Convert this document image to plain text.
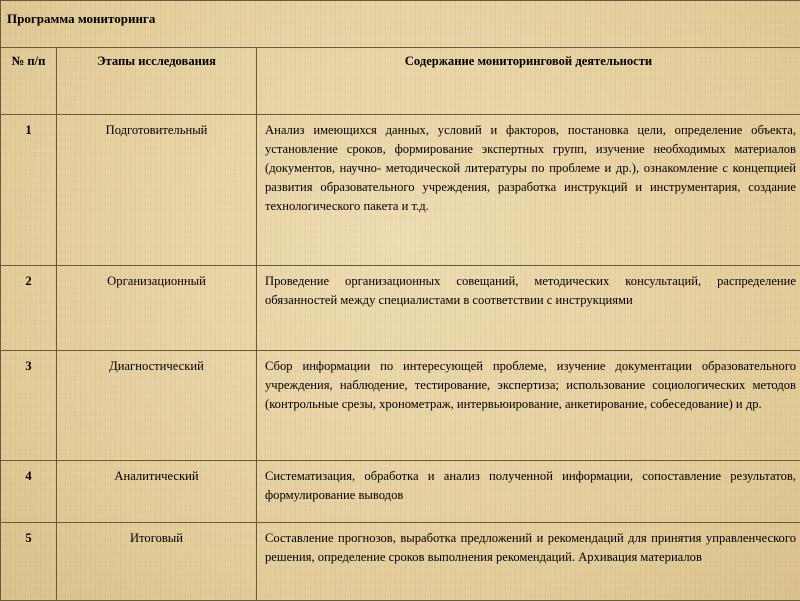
Программа мониторинга		
№ п/п	Этапы исследования	Содержание мониторинговой деятельности
1	Подготовительный	Анализ имеющихся данных, условий и факторов, постановка цели, определение объекта, установление сроков, формирование экспертных групп, изучение необходимых материалов (документов, научно- методической литературы по проблеме и др.), ознакомление с концепцией развития образовательного учреждения, разработка инструкций и инструментария, создание технологического пакета и т.д.
2	Организационный	Проведение организационных совещаний, методических консультаций, распределение обязанностей между специалистами в соответствии с инструкциями
3	Диагностический	Сбор информации по интересующей проблеме, изучение документации образовательного учреждения, наблюдение, тестирование, экспертиза; использование социологических методов (контрольные срезы, хронометраж, интервьюирование, анкетирование, собеседование) и др.
4	Аналитический	Систематизация, обработка и анализ полученной информации, сопоставление результатов, формулирование выводов
5	Итоговый	Составление прогнозов, выработка предложений и рекомендаций для принятия управленческого решения, определение сроков выполнения рекомендаций. Архивация материалов
